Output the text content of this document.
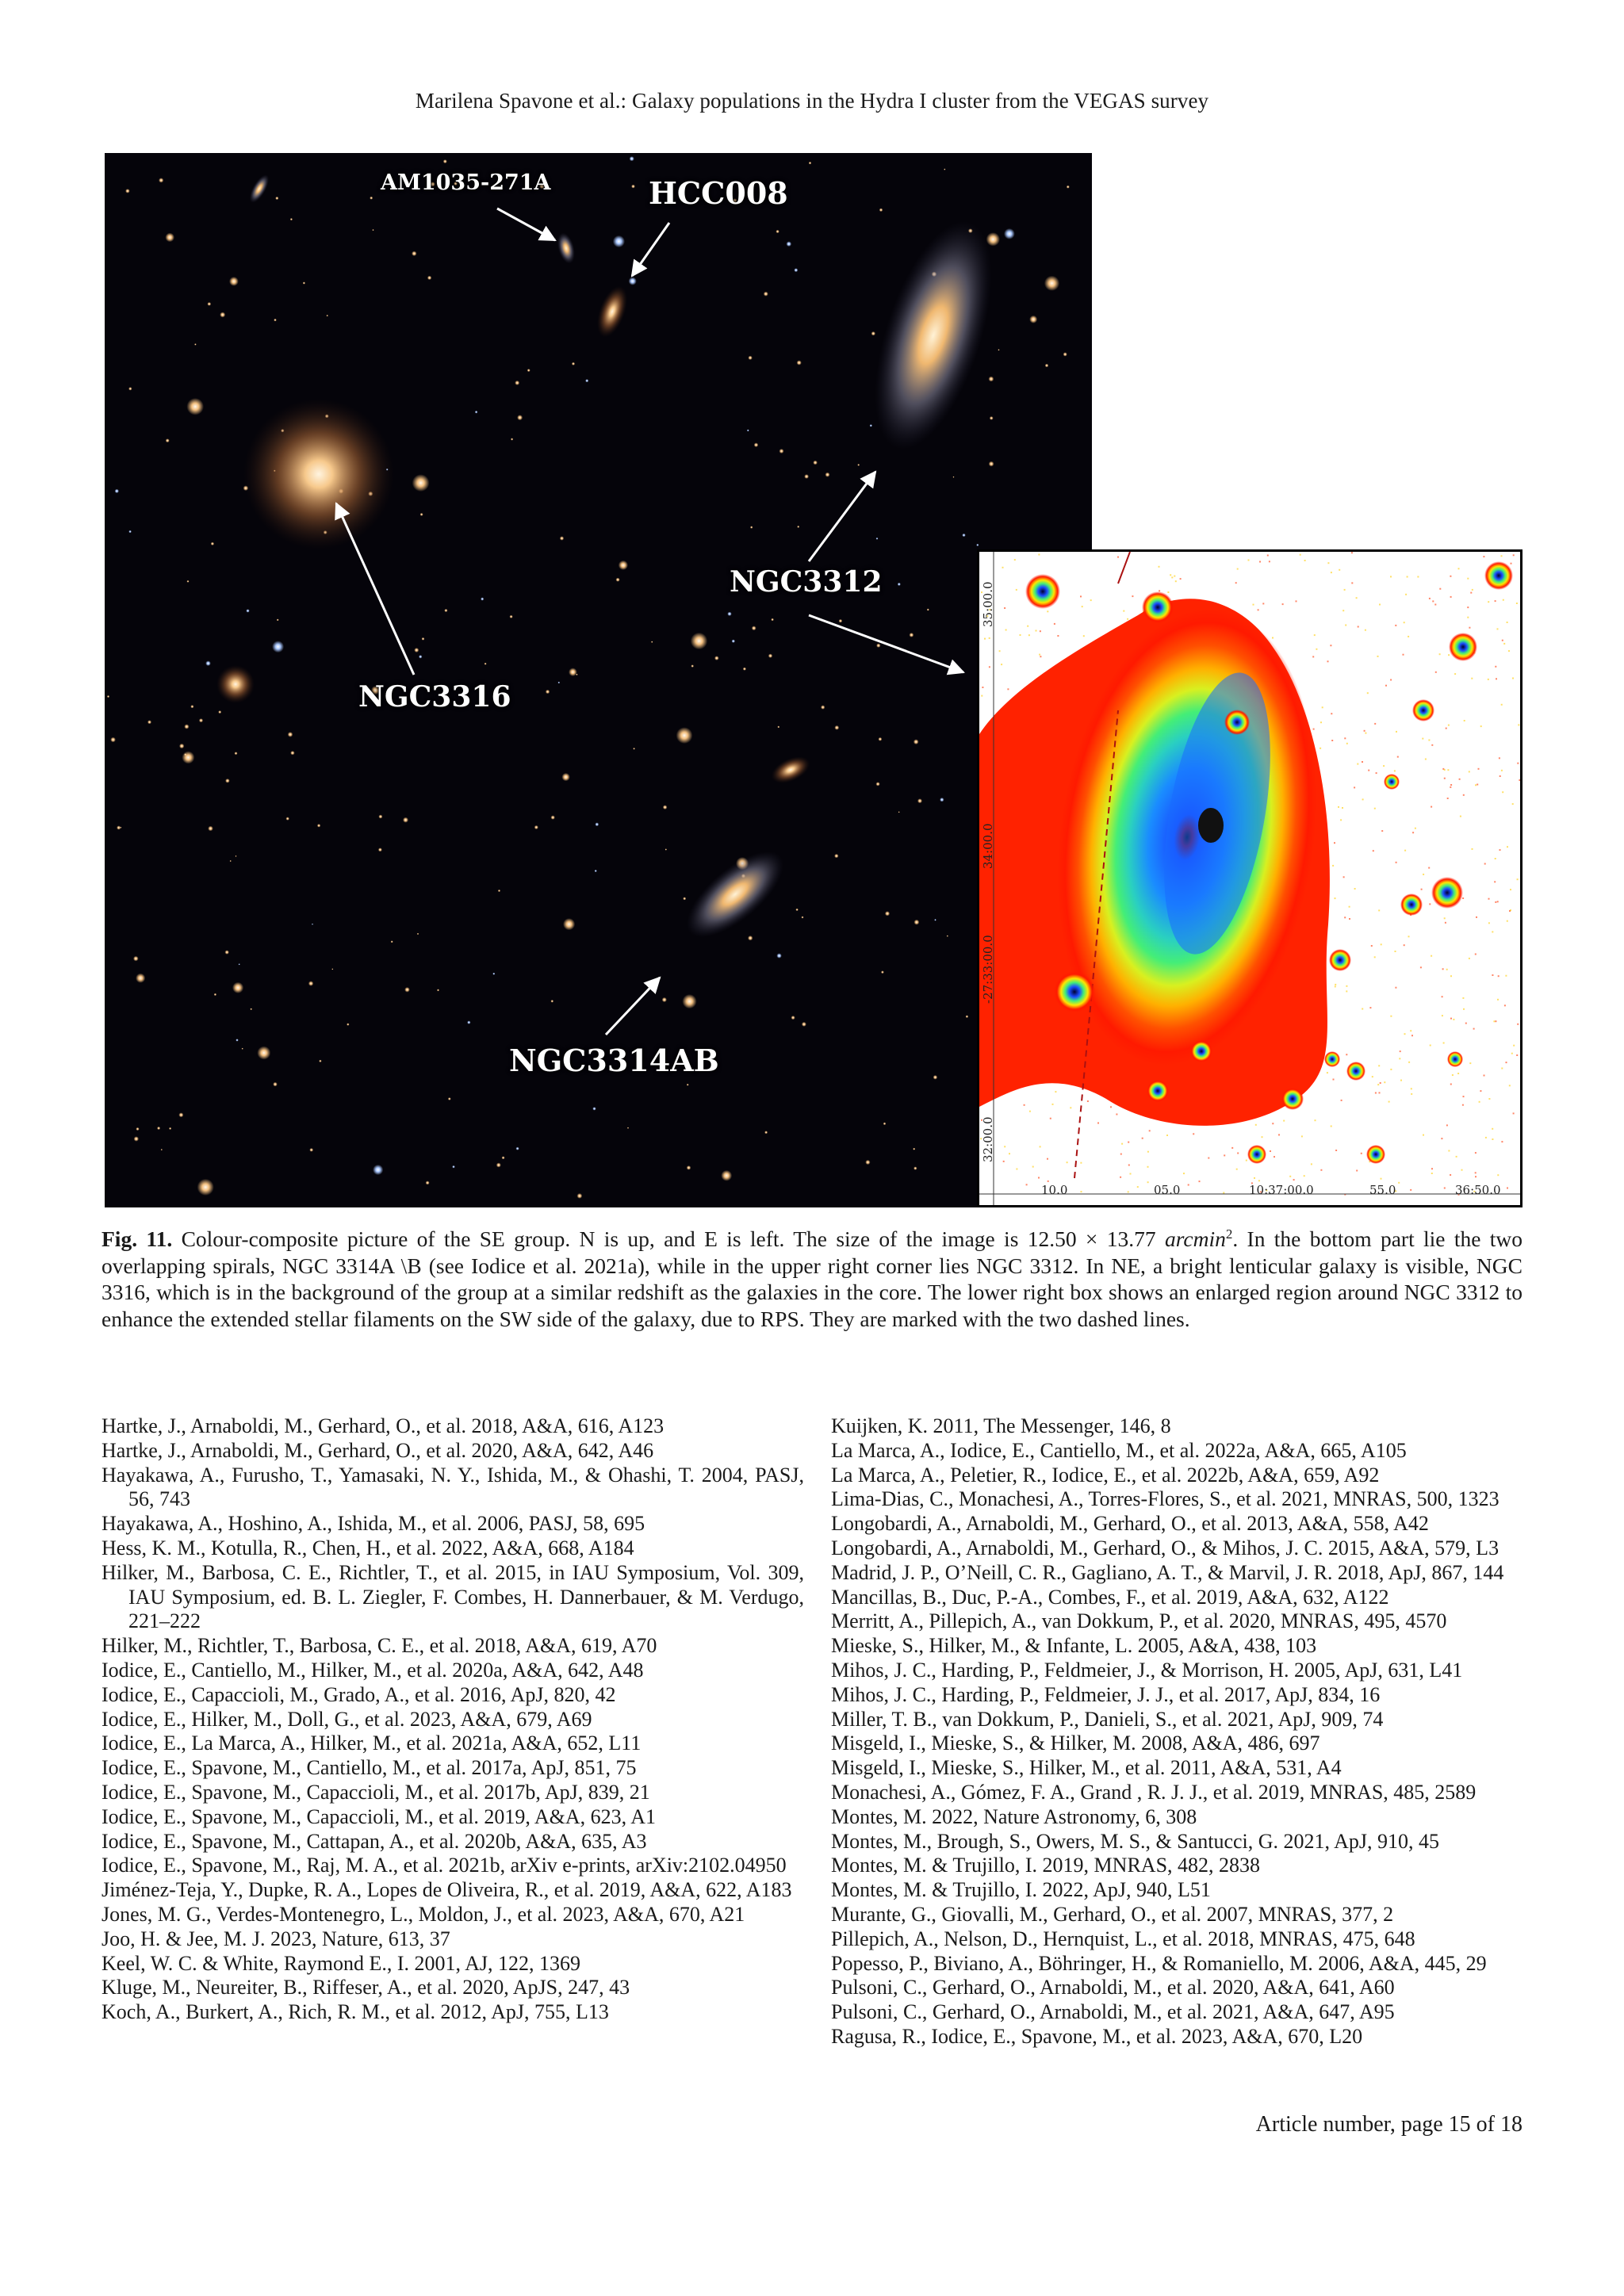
Marilena Spavone et al.: Galaxy populations in the Hydra I cluster from the VEGAS survey
AM1035-271A	HCC008
NGC3312
NGC3316
NGC3314AB
35:00.0
34:00.0
-27:33:00.0
32:00.0
10.0	05.0	10:37:00.0	55.0	36:50.0
Fig. 11. Colour-composite picture of the SE group. N is up, and E is left. The size of the image is 12.50 × 13.77 arcmin$^2$. In the bottom part lie the two overlapping spirals, NGC 3314A \B (see Iodice et al. 2021a), while in the upper right corner lies NGC 3312. In NE, a bright lenticular galaxy is visible, NGC 3316, which is in the background of the group at a similar redshift as the galaxies in the core. The lower right box shows an enlarged region around NGC 3312 to enhance the extended stellar filaments on the SW side of the galaxy, due to RPS. They are marked with the two dashed lines.
Hartke, J., Arnaboldi, M., Gerhard, O., et al. 2018, A&A, 616, A123
Hartke, J., Arnaboldi, M., Gerhard, O., et al. 2020, A&A, 642, A46
Hayakawa, A., Furusho, T., Yamasaki, N. Y., Ishida, M., & Ohashi, T. 2004, PASJ, 56, 743
Hayakawa, A., Hoshino, A., Ishida, M., et al. 2006, PASJ, 58, 695
Hess, K. M., Kotulla, R., Chen, H., et al. 2022, A&A, 668, A184
Hilker, M., Barbosa, C. E., Richtler, T., et al. 2015, in IAU Symposium, Vol. 309, IAU Symposium, ed. B. L. Ziegler, F. Combes, H. Dannerbauer, & M. Verdugo, 221–222
Hilker, M., Richtler, T., Barbosa, C. E., et al. 2018, A&A, 619, A70
Iodice, E., Cantiello, M., Hilker, M., et al. 2020a, A&A, 642, A48
Iodice, E., Capaccioli, M., Grado, A., et al. 2016, ApJ, 820, 42
Iodice, E., Hilker, M., Doll, G., et al. 2023, A&A, 679, A69
Iodice, E., La Marca, A., Hilker, M., et al. 2021a, A&A, 652, L11
Iodice, E., Spavone, M., Cantiello, M., et al. 2017a, ApJ, 851, 75
Iodice, E., Spavone, M., Capaccioli, M., et al. 2017b, ApJ, 839, 21
Iodice, E., Spavone, M., Capaccioli, M., et al. 2019, A&A, 623, A1
Iodice, E., Spavone, M., Cattapan, A., et al. 2020b, A&A, 635, A3
Iodice, E., Spavone, M., Raj, M. A., et al. 2021b, arXiv e-prints, arXiv:2102.04950
Jiménez-Teja, Y., Dupke, R. A., Lopes de Oliveira, R., et al. 2019, A&A, 622, A183
Jones, M. G., Verdes-Montenegro, L., Moldon, J., et al. 2023, A&A, 670, A21
Joo, H. & Jee, M. J. 2023, Nature, 613, 37
Keel, W. C. & White, Raymond E., I. 2001, AJ, 122, 1369
Kluge, M., Neureiter, B., Riffeser, A., et al. 2020, ApJS, 247, 43
Koch, A., Burkert, A., Rich, R. M., et al. 2012, ApJ, 755, L13
Kuijken, K. 2011, The Messenger, 146, 8
La Marca, A., Iodice, E., Cantiello, M., et al. 2022a, A&A, 665, A105
La Marca, A., Peletier, R., Iodice, E., et al. 2022b, A&A, 659, A92
Lima-Dias, C., Monachesi, A., Torres-Flores, S., et al. 2021, MNRAS, 500, 1323
Longobardi, A., Arnaboldi, M., Gerhard, O., et al. 2013, A&A, 558, A42
Longobardi, A., Arnaboldi, M., Gerhard, O., & Mihos, J. C. 2015, A&A, 579, L3
Madrid, J. P., O’Neill, C. R., Gagliano, A. T., & Marvil, J. R. 2018, ApJ, 867, 144
Mancillas, B., Duc, P.-A., Combes, F., et al. 2019, A&A, 632, A122
Merritt, A., Pillepich, A., van Dokkum, P., et al. 2020, MNRAS, 495, 4570
Mieske, S., Hilker, M., & Infante, L. 2005, A&A, 438, 103
Mihos, J. C., Harding, P., Feldmeier, J., & Morrison, H. 2005, ApJ, 631, L41
Mihos, J. C., Harding, P., Feldmeier, J. J., et al. 2017, ApJ, 834, 16
Miller, T. B., van Dokkum, P., Danieli, S., et al. 2021, ApJ, 909, 74
Misgeld, I., Mieske, S., & Hilker, M. 2008, A&A, 486, 697
Misgeld, I., Mieske, S., Hilker, M., et al. 2011, A&A, 531, A4
Monachesi, A., Gómez, F. A., Grand , R. J. J., et al. 2019, MNRAS, 485, 2589
Montes, M. 2022, Nature Astronomy, 6, 308
Montes, M., Brough, S., Owers, M. S., & Santucci, G. 2021, ApJ, 910, 45
Montes, M. & Trujillo, I. 2019, MNRAS, 482, 2838
Montes, M. & Trujillo, I. 2022, ApJ, 940, L51
Murante, G., Giovalli, M., Gerhard, O., et al. 2007, MNRAS, 377, 2
Pillepich, A., Nelson, D., Hernquist, L., et al. 2018, MNRAS, 475, 648
Popesso, P., Biviano, A., Böhringer, H., & Romaniello, M. 2006, A&A, 445, 29
Pulsoni, C., Gerhard, O., Arnaboldi, M., et al. 2020, A&A, 641, A60
Pulsoni, C., Gerhard, O., Arnaboldi, M., et al. 2021, A&A, 647, A95
Ragusa, R., Iodice, E., Spavone, M., et al. 2023, A&A, 670, L20
Article number, page 15 of 18
